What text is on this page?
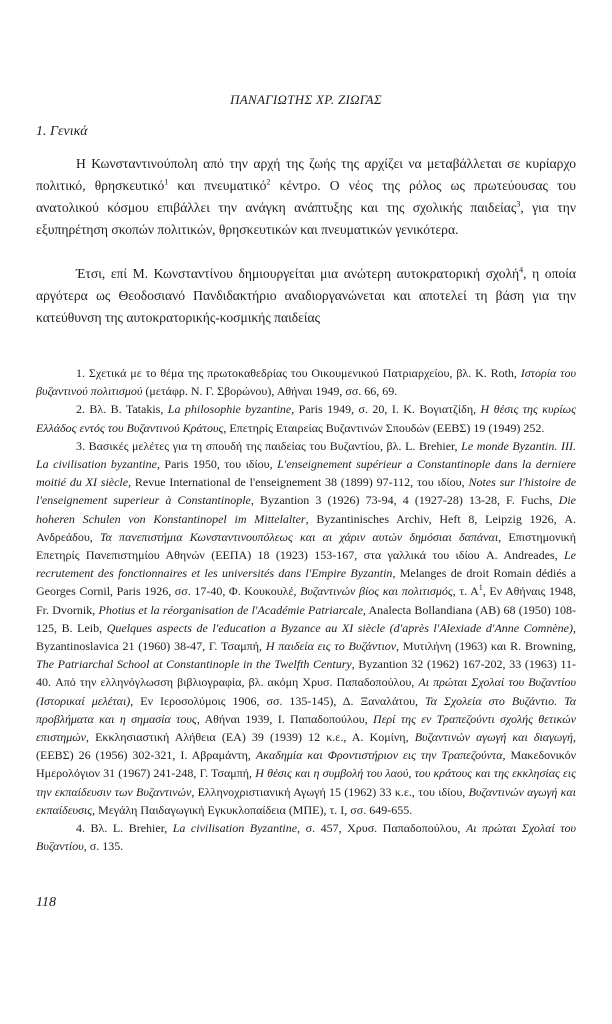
ΠΑΝΑΓΙΩΤΗΣ ΧΡ. ΖΙΩΓΑΣ
1. Γενικά

Η Κωνσταντινούπολη από την αρχή της ζωής της αρχίζει να μεταβάλλεται σε κυρίαρχο πολιτικό, θρησκευτικό$^1$ και πνευματικό$^2$ κέντρο. Ο νέος της ρόλος ως πρωτεύουσας του ανατολικού κόσμου επιβάλλει την ανάγκη ανάπτυξης και της σχολικής παιδείας$^3$, για την εξυπηρέτηση σκοπών πολιτικών, θρησκευτικών και πνευματικών γενικότερα.

Έτσι, επί Μ. Κωνσταντίνου δημιουργείται μια ανώτερη αυτοκρατορική σχολή$^4$, η οποία αργότερα ως Θεοδοσιανό Πανδιδακτήριο αναδιοργανώνεται και αποτελεί τη βάση για την κατεύθυνση της αυτοκρατορικής-κοσμικής παιδείας

1. Σχετικά με το θέμα της πρωτοκαθεδρίας του Οικουμενικού Πατριαρχείου, βλ. K. Roth, Ιστορία του βυζαντινού πολιτισμού (μετάφρ. Ν. Γ. Σβορώνου), Αθήναι 1949, σσ. 66, 69.

2. Βλ. B. Tatakis, La philosophie byzantine, Paris 1949, σ. 20, Ι. Κ. Βογιατζίδη, Η θέσις της κυρίως Ελλάδος εντός του Βυζαντινού Κράτους, Επετηρίς Εταιρείας Βυζαντινών Σπουδών (ΕΕΒΣ) 19 (1949) 252.

3. Βασικές μελέτες για τη σπουδή της παιδείας του Βυζαντίου, βλ. L. Brehier, Le monde Byzantin. III. La civilisation byzantine, Paris 1950, του ιδίου, L'enseignement supérieur a Constantinople dans la derniere moitié du XI siècle, Revue International de l'enseignement 38 (1899) 97-112, του ιδίου, Notes sur l'histoire de l'enseignement superieur à Constantinople, Byzantion 3 (1926) 73-94, 4 (1927-28) 13-28, F. Fuchs, Die hoheren Schulen von Konstantinopel im Mittelalter, Byzantinisches Archiv, Heft 8, Leipzig 1926, Α. Ανδρεάδου, Τα πανεπιστήμια Κωνσταντινουπόλεως και αι χάριν αυτών δημόσιαι δαπάναι, Επιστημονική Επετηρίς Πανεπιστημίου Αθηνών (ΕΕΠΑ) 18 (1923) 153-167, στα γαλλικά του ιδίου A. Andreades, Le recrutement des fonctionnaires et les universités dans l'Empire Byzantin, Melanges de droit Romain dédiés a Georges Cornil, Paris 1926, σσ. 17-40, Φ. Κουκουλέ, Βυζαντινών βίος και πολιτισμός, τ. $A^1$, Εν Αθήναις 1948, Fr. Dvornik, Photius et la réorganisation de l'Académie Patriarcale, Analecta Bollandiana (AB) 68 (1950) 108-125, B. Leib, Quelques aspects de l'education a Byzance au XI siècle (d'après l'Alexiade d'Anne Comnène), Byzantinoslavica 21 (1960) 38-47, Γ. Τσαμπή, Η παιδεία εις το Βυζάντιον, Μυτιλήνη (1963) και R. Browning, The Patriarchal School at Constantinople in the Twelfth Century, Byzantion 32 (1962) 167-202, 33 (1963) 11-40. Από την ελληνόγλωσση βιβλιογραφία, βλ. ακόμη Χρυσ. Παπαδοπούλου, Αι πρώται Σχολαί του Βυζαντίου (Ιστορικαί μελέται), Εν Ιεροσολύμοις 1906, σσ. 135-145), Δ. Ξαναλάτου, Τα Σχολεία στο Βυζάντιο. Τα προβλήματα και η σημασία τους, Αθήναι 1939, Ι. Παπαδοπούλου, Περί της εν Τραπεζούντι σχολής θετικών επιστημών, Εκκλησιαστική Αλήθεια (ΕΑ) 39 (1939) 12 κ.ε., Α. Κομίνη, Βυζαντινών αγωγή και διαγωγή, (ΕΕΒΣ) 26 (1956) 302-321, Ι. Αβραμάντη, Ακαδημία και Φροντιστήριον εις την Τραπεζούντα, Μακεδονικόν Ημερολόγιον 31 (1967) 241-248, Γ. Τσαμπή, Η θέσις και η συμβολή του λαού, του κράτους και της εκκλησίας εις την εκπαίδευσιν των Βυζαντινών, Ελληνοχριστιανική Αγωγή 15 (1962) 33 κ.ε., του ιδίου, Βυζαντινών αγωγή και εκπαίδευσις, Μεγάλη Παιδαγωγική Εγκυκλοπαίδεια (ΜΠΕ), τ. Ι, σσ. 649-655.

4. Βλ. L. Brehier, La civilisation Byzantine, σ. 457, Χρυσ. Παπαδοπούλου, Αι πρώται Σχολαί του Βυζαντίου, σ. 135.

118
